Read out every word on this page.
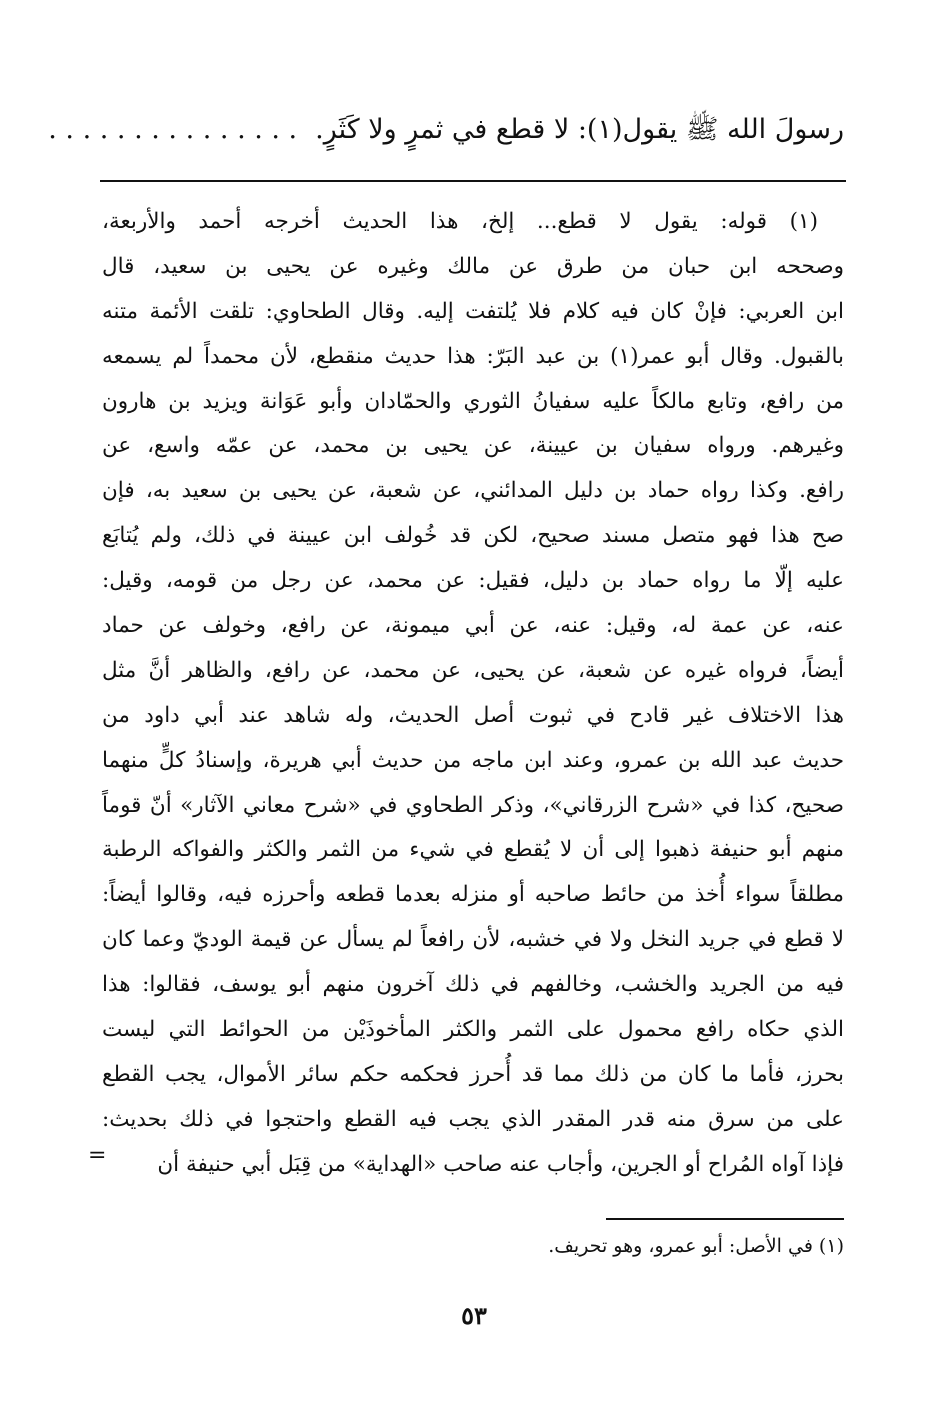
رسولَ الله ﷺ يقول(١): لا قطع في ثمرٍ ولا كَثَرٍ.. . . . . . . . . . . . . . .
(١) قوله: يقول لا قطع... إلخ، هذا الحديث أخرجه أحمد والأربعة،
وصححه ابن حبان من طرق عن مالك وغيره عن يحيى بن سعيد، قال
ابن العربي: فإنْ كان فيه كلام فلا يُلتفت إليه. وقال الطحاوي: تلقت الأئمة متنه
بالقبول. وقال أبو عمر(١) بن عبد البَرّ: هذا حديث منقطع، لأن محمداً لم يسمعه
من رافع، وتابع مالكاً عليه سفيانُ الثوري والحمّادان وأبو عَوَانة ويزيد بن هارون
وغيرهم. ورواه سفيان بن عيينة، عن يحيى بن محمد، عن عمّه واسع، عن
رافع. وكذا رواه حماد بن دليل المدائني، عن شعبة، عن يحيى بن سعيد به، فإن
صح هذا فهو متصل مسند صحيح، لكن قد خُولف ابن عيينة في ذلك، ولم يُتابَع
عليه إلّا ما رواه حماد بن دليل، فقيل: عن محمد، عن رجل من قومه، وقيل:
عنه، عن عمة له، وقيل: عنه، عن أبي ميمونة، عن رافع، وخولف عن حماد
أيضاً، فرواه غيره عن شعبة، عن يحيى، عن محمد، عن رافع، والظاهر أنَّ مثل
هذا الاختلاف غير قادح في ثبوت أصل الحديث، وله شاهد عند أبي داود من
حديث عبد الله بن عمرو، وعند ابن ماجه من حديث أبي هريرة، وإسنادُ كلٍّ منهما
صحيح، كذا في «شرح الزرقاني»، وذكر الطحاوي في «شرح معاني الآثار» أنّ قوماً
منهم أبو حنيفة ذهبوا إلى أن لا يُقطع في شيء من الثمر والكثر والفواكه الرطبة
مطلقاً سواء أُخذ من حائط صاحبه أو منزله بعدما قطعه وأحرزه فيه، وقالوا أيضاً:
لا قطع في جريد النخل ولا في خشبه، لأن رافعاً لم يسأل عن قيمة الوديّ وعما كان
فيه من الجريد والخشب، وخالفهم في ذلك آخرون منهم أبو يوسف، فقالوا: هذا
الذي حكاه رافع محمول على الثمر والكثر المأخوذَيْن من الحوائط التي ليست
بحرز، فأما ما كان من ذلك مما قد أُحرز فحكمه حكم سائر الأموال، يجب القطع
على من سرق منه قدر المقدر الذي يجب فيه القطع واحتجوا في ذلك بحديث:
فإذا آواه المُراح أو الجرين، وأجاب عنه صاحب «الهداية» من قِبَل أبي حنيفة أن
=
(١) في الأصل: أبو عمرو، وهو تحريف.
٥٣
